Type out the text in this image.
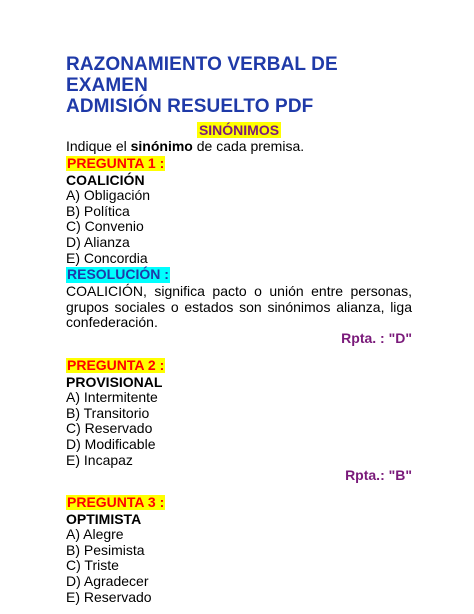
RAZONAMIENTO VERBAL DE EXAMEN
ADMISIÓN RESUELTO PDF
SINÓNIMOS

Indique el sinónimo de cada premisa.

PREGUNTA 1 :
COALICIÓN
A) Obligación
B) Política
C) Convenio
D) Alianza
E) Concordia
RESOLUCIÓN :

COALICIÓN, significa pacto o unión entre personas, grupos sociales o estados son sinónimos alianza, liga confederación.

Rpta. : "D"
PREGUNTA 2 :
PROVISIONAL
A) Intermitente
B) Transitorio
C) Reservado
D) Modificable
E) Incapaz
Rpta.: "B"
PREGUNTA 3 :
OPTIMISTA
A) Alegre
B) Pesimista
C) Triste
D) Agradecer
E) Reservado
